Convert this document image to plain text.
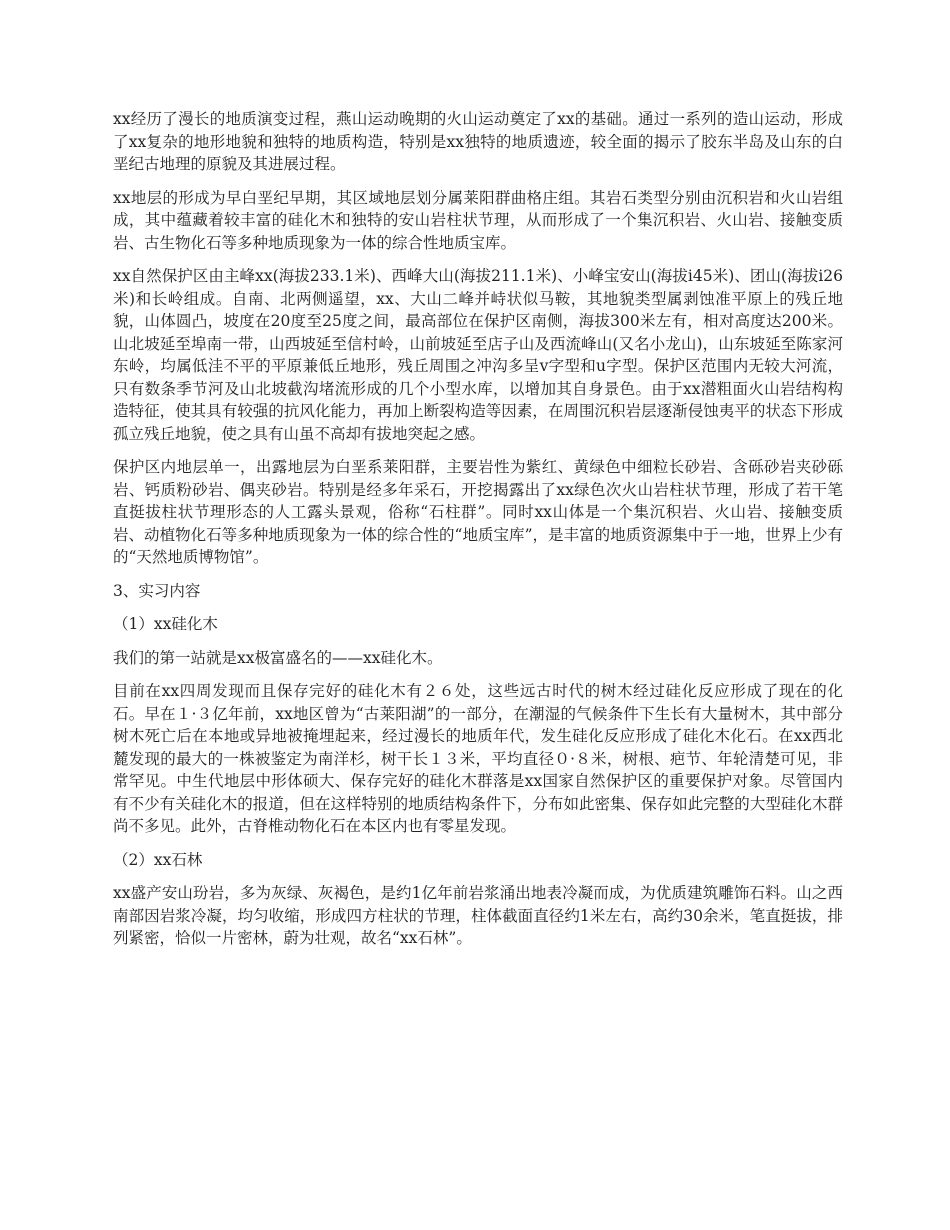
xx经历了漫长的地质演变过程，燕山运动晚期的火山运动奠定了xx的基础。通过一系列的造山运动，形成了xx复杂的地形地貌和独特的地质构造，特别是xx独特的地质遗迹，较全面的揭示了胶东半岛及山东的白垩纪古地理的原貌及其进展过程。

xx地层的形成为早白垩纪早期，其区域地层划分属莱阳群曲格庄组。其岩石类型分别由沉积岩和火山岩组成，其中蕴藏着较丰富的硅化木和独特的安山岩柱状节理，从而形成了一个集沉积岩、火山岩、接触变质岩、古生物化石等多种地质现象为一体的综合性地质宝库。

xx自然保护区由主峰xx(海拔233.1米)、西峰大山(海拔211.1米)、小峰宝安山(海拔i45米)、团山(海拔i26米)和长岭组成。自南、北两侧遥望，xx、大山二峰并峙状似马鞍，其地貌类型属剥蚀准平原上的残丘地貌，山体圆凸，坡度在20度至25度之间，最高部位在保护区南侧，海拔300米左有，相对高度达200米。山北坡延至埠南一带，山西坡延至信村岭，山前坡延至店子山及西流峰山(又名小龙山)，山东坡延至陈家河东岭，均属低洼不平的平原兼低丘地形，残丘周围之冲沟多呈v字型和u字型。保护区范围内无较大河流，只有数条季节河及山北坡截沟堵流形成的几个小型水库，以增加其自身景色。由于xx潜粗面火山岩结构构造特征，使其具有较强的抗风化能力，再加上断裂构造等因素，在周围沉积岩层逐渐侵蚀夷平的状态下形成孤立残丘地貌，使之具有山虽不高却有拔地突起之感。

保护区内地层单一，出露地层为白垩系莱阳群，主要岩性为紫红、黄绿色中细粒长砂岩、含砾砂岩夹砂砾岩、钙质粉砂岩、偶夹砂岩。特别是经多年采石，开挖揭露出了xx绿色次火山岩柱状节理，形成了若干笔直挺拔柱状节理形态的人工露头景观，俗称“石柱群”。同时xx山体是一个集沉积岩、火山岩、接触变质岩、动植物化石等多种地质现象为一体的综合性的“地质宝库”，是丰富的地质资源集中于一地，世界上少有的“天然地质博物馆”。

3、实习内容

（1）xx硅化木

我们的第一站就是xx极富盛名的——xx硅化木。

目前在xx四周发现而且保存完好的硅化木有２６处，这些远古时代的树木经过硅化反应形成了现在的化石。早在１·３亿年前，xx地区曾为“古莱阳湖”的一部分，在潮湿的气候条件下生长有大量树木，其中部分树木死亡后在本地或异地被掩埋起来，经过漫长的地质年代，发生硅化反应形成了硅化木化石。在xx西北麓发现的最大的一株被鉴定为南洋杉，树干长１３米，平均直径０·８米，树根、疤节、年轮清楚可见，非常罕见。中生代地层中形体硕大、保存完好的硅化木群落是xx国家自然保护区的重要保护对象。尽管国内有不少有关硅化木的报道，但在这样特别的地质结构条件下，分布如此密集、保存如此完整的大型硅化木群尚不多见。此外，古脊椎动物化石在本区内也有零星发现。

（2）xx石林

xx盛产安山玢岩，多为灰绿、灰褐色，是约1亿年前岩浆涌出地表冷凝而成，为优质建筑雕饰石料。山之西南部因岩浆冷凝，均匀收缩，形成四方柱状的节理，柱体截面直径约1米左右，高约30余米，笔直挺拔，排列紧密，恰似一片密林，蔚为壮观，故名“xx石林”。
